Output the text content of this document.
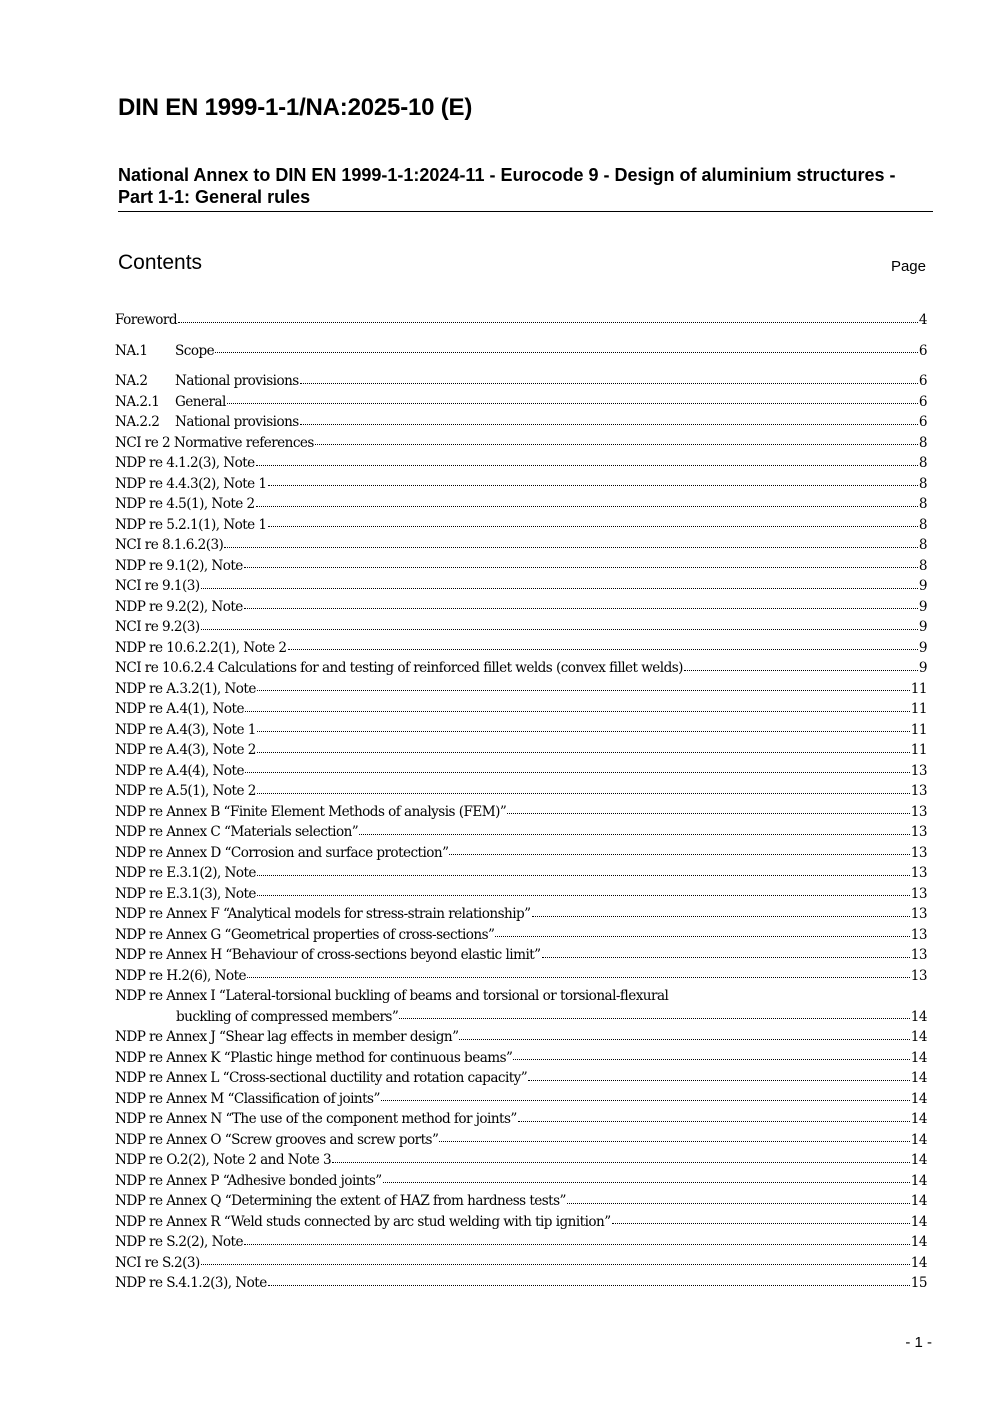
DIN EN 1999-1-1/NA:2025-10 (E)
National Annex to DIN EN 1999-1-1:2024-11 - Eurocode 9 - Design of aluminium structures - Part 1-1: General rules
Contents	Page
Foreword	4
NA.1	Scope	6
NA.2	National provisions	6
NA.2.1	General	6
NA.2.2	National provisions	6
NCI re 2 Normative references	8
NDP re 4.1.2(3), Note	8
NDP re 4.4.3(2), Note 1	8
NDP re 4.5(1), Note 2	8
NDP re 5.2.1(1), Note 1	8
NCI re 8.1.6.2(3)	8
NDP re 9.1(2), Note	8
NCI re 9.1(3)	9
NDP re 9.2(2), Note	9
NCI re 9.2(3)	9
NDP re 10.6.2.2(1), Note 2	9
NCI re 10.6.2.4 Calculations for and testing of reinforced fillet welds (convex fillet welds)	9
NDP re A.3.2(1), Note	11
NDP re A.4(1), Note	11
NDP re A.4(3), Note 1	11
NDP re A.4(3), Note 2	11
NDP re A.4(4), Note	13
NDP re A.5(1), Note 2	13
NDP re Annex B “Finite Element Methods of analysis (FEM)”	13
NDP re Annex C “Materials selection”	13
NDP re Annex D “Corrosion and surface protection”	13
NDP re E.3.1(2), Note	13
NDP re E.3.1(3), Note	13
NDP re Annex F “Analytical models for stress-strain relationship”	13
NDP re Annex G “Geometrical properties of cross-sections”	13
NDP re Annex H “Behaviour of cross-sections beyond elastic limit”	13
NDP re H.2(6), Note	13
NDP re Annex I “Lateral-torsional buckling of beams and torsional or torsional-flexural
buckling of compressed members”	14
NDP re Annex J “Shear lag effects in member design”	14
NDP re Annex K “Plastic hinge method for continuous beams”	14
NDP re Annex L “Cross-sectional ductility and rotation capacity”	14
NDP re Annex M “Classification of joints”	14
NDP re Annex N “The use of the component method for joints”	14
NDP re Annex O “Screw grooves and screw ports”	14
NDP re O.2(2), Note 2 and Note 3	14
NDP re Annex P “Adhesive bonded joints”	14
NDP re Annex Q “Determining the extent of HAZ from hardness tests”	14
NDP re Annex R “Weld studs connected by arc stud welding with tip ignition”	14
NDP re S.2(2), Note	14
NCI re S.2(3)	14
NDP re S.4.1.2(3), Note	15
- 1 -
